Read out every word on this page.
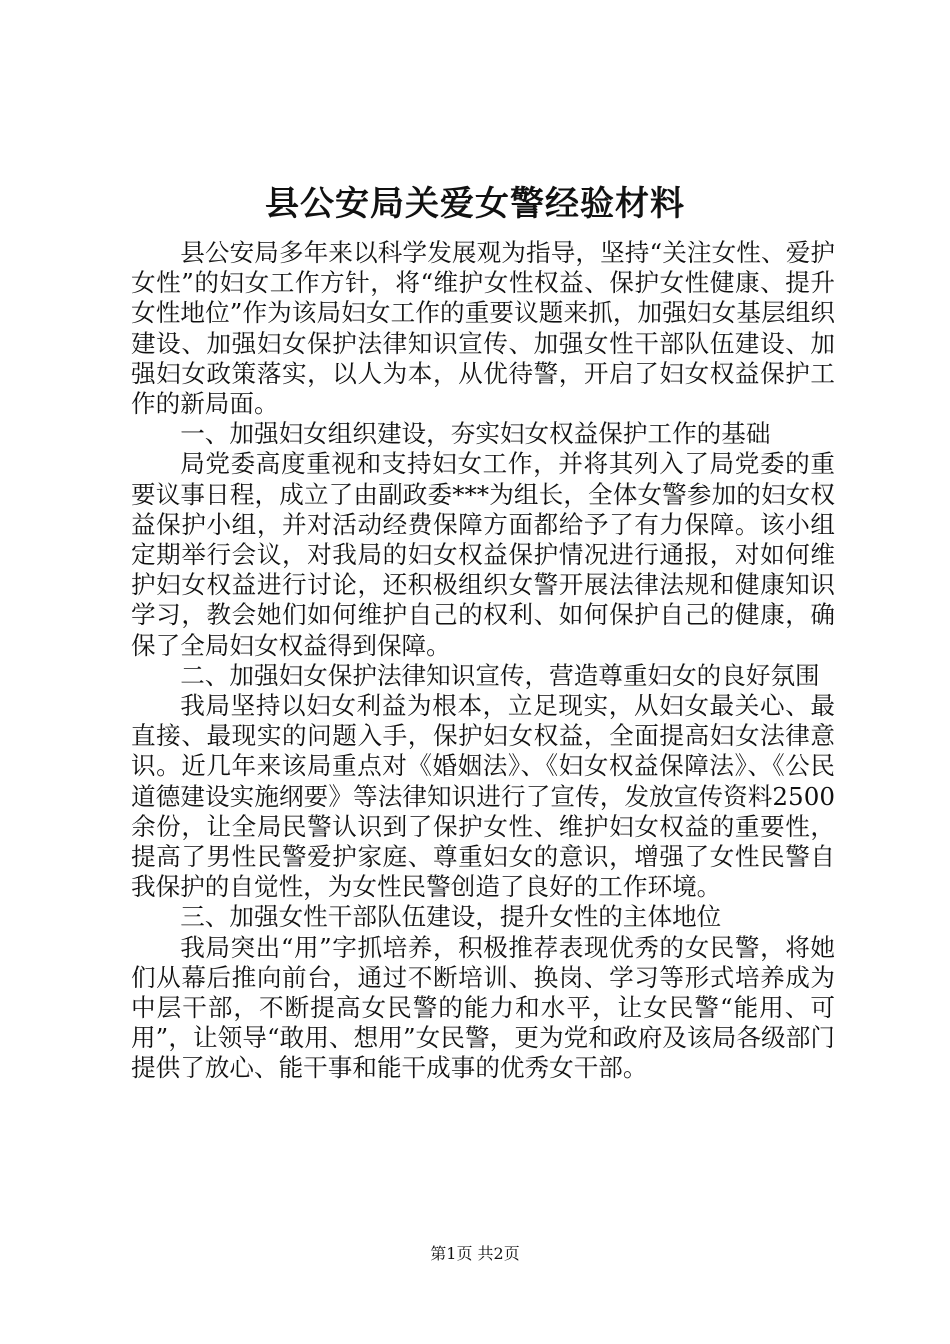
县公安局关爱女警经验材料

县公安局多年来以科学发展观为指导，坚持“关注女性、爱护女性”的妇女工作方针，将“维护女性权益、保护女性健康、提升女性地位”作为该局妇女工作的重要议题来抓，加强妇女基层组织建设、加强妇女保护法律知识宣传、加强女性干部队伍建设、加强妇女政策落实，以人为本，从优待警，开启了妇女权益保护工作的新局面。

一、加强妇女组织建设，夯实妇女权益保护工作的基础

局党委高度重视和支持妇女工作，并将其列入了局党委的重要议事日程，成立了由副政委***为组长，全体女警参加的妇女权益保护小组，并对活动经费保障方面都给予了有力保障。该小组定期举行会议，对我局的妇女权益保护情况进行通报，对如何维护妇女权益进行讨论，还积极组织女警开展法律法规和健康知识学习，教会她们如何维护自己的权利、如何保护自己的健康，确保了全局妇女权益得到保障。

二、加强妇女保护法律知识宣传，营造尊重妇女的良好氛围

我局坚持以妇女利益为根本，立足现实，从妇女最关心、最直接、最现实的问题入手，保护妇女权益，全面提高妇女法律意识。近几年来该局重点对《婚姻法》、《妇女权益保障法》、《公民道德建设实施纲要》等法律知识进行了宣传，发放宣传资料2500余份，让全局民警认识到了保护女性、维护妇女权益的重要性，提高了男性民警爱护家庭、尊重妇女的意识，增强了女性民警自我保护的自觉性，为女性民警创造了良好的工作环境。

三、加强女性干部队伍建设，提升女性的主体地位

我局突出“用”字抓培养，积极推荐表现优秀的女民警，将她们从幕后推向前台，通过不断培训、换岗、学习等形式培养成为中层干部，不断提高女民警的能力和水平，让女民警“能用、可用”，让领导“敢用、想用”女民警，更为党和政府及该局各级部门提供了放心、能干事和能干成事的优秀女干部。

第1页 共2页
